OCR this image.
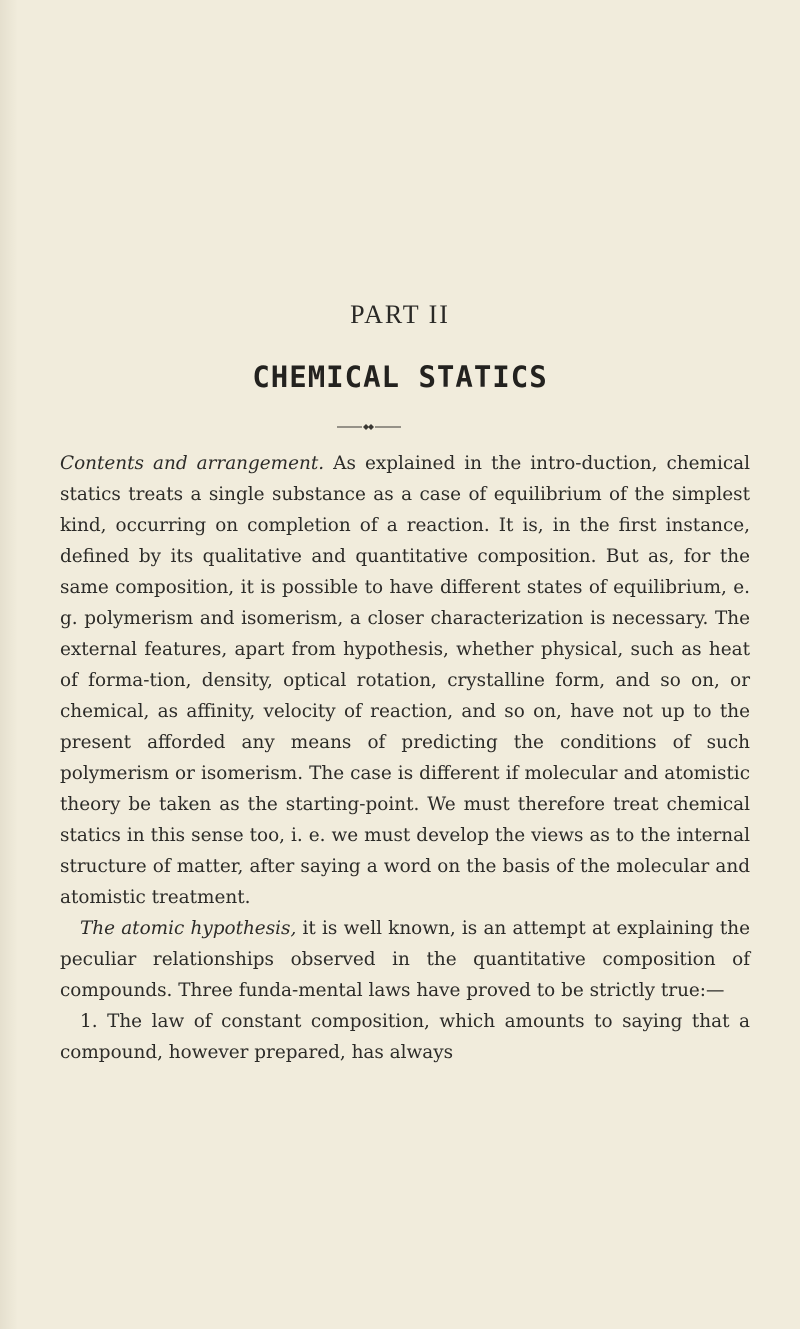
PART II
CHEMICAL STATICS

Contents and arrangement. As explained in the intro-duction, chemical statics treats a single substance as a case of equilibrium of the simplest kind, occurring on completion of a reaction. It is, in the first instance, defined by its qualitative and quantitative composition. But as, for the same composition, it is possible to have different states of equilibrium, e. g. polymerism and isomerism, a closer characterization is necessary. The external features, apart from hypothesis, whether physical, such as heat of forma-tion, density, optical rotation, crystalline form, and so on, or chemical, as affinity, velocity of reaction, and so on, have not up to the present afforded any means of predicting the conditions of such polymerism or isomerism. The case is different if molecular and atomistic theory be taken as the starting-point. We must therefore treat chemical statics in this sense too, i. e. we must develop the views as to the internal structure of matter, after saying a word on the basis of the molecular and atomistic treatment.

The atomic hypothesis, it is well known, is an attempt at explaining the peculiar relationships observed in the quantitative composition of compounds. Three funda-mental laws have proved to be strictly true:—

1. The law of constant composition, which amounts to saying that a compound, however prepared, has always
